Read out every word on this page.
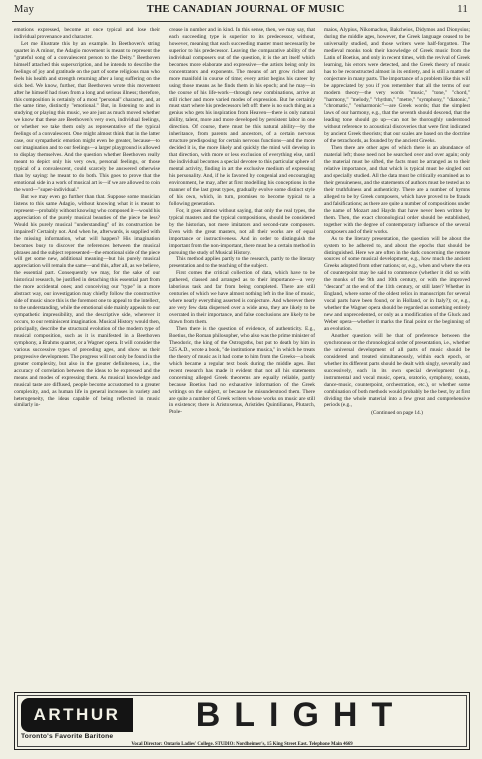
May	THE CANADIAN JOURNAL OF MUSIC	11

emotions expressed, become at once typical and lose their individual provenance and character.

Let me illustrate this by an example. In Beethoven's string quartet in A minor, the Adagio movement is meant to represent the "grateful song of a convalescent person to the Deity." Beethoven himself attached this superscription, and he intends to describe the feelings of joy and gratitude on the part of some religious man who feels his health and strength returning after a long suffering on the sick bed. We know, further, that Beethoven wrote this movement after he himself had risen from a long and serious illness; therefore, this composition is certainly of a most "personal" character, and, at the same time, distinctly "emotional." But, in listening to and in studying or playing this music, we are just as much moved whether we know that these are Beethoven's very own, individual feelings, or whether we take them only as representative of the typical feelings of a convalescent. One might almost think that in the latter case, our sympathetic emotion might even be greater, because—to our imagination and to our feelings—a larger playground is allowed to display themselves. And the question whether Beethoven really meant to depict only his very own, personal feelings, or those typical of a convalescent, could scarcely be answered otherwise than by saying: he meant to do both. This goes to prove that the emotional side in a work of musical art is—if we are allowed to coin the word—"super-individual."

But we may even go further than that. Suppose some musician listens to this same Adagio, without knowing what it is meant to represent—probably without knowing who composed it—would his appreciation of the purely musical beauties of the piece be less? Would his purely musical "understanding" of its construction be impaired? Certainly not. And when he, afterwards, is supplied with the missing information, what will happen? His imagination becomes busy to discover the references between the musical phrases and the subject represented—the emotional side of the piece will get some new, additional meaning—but his purely musical appreciation will remain the same—and this, after all, as we believe, the essential part. Consequently we may, for the sake of our historical research, be justified in detaching this essential part from the more accidental ones; and conceiving our "type" in a more abstract way, our investigation may chiefly follow the constructive side of music since this is the foremost one to appeal to the intellect, to the understanding, while the emotional side mainly appeals to our sympathetic impressibility, and the descriptive side, wherever it occurs, to our reminiscent imagination. Musical History would then, principally, describe the structural evolution of the modern type of musical composition, such as it is manifested in a Beethoven symphony, a Brahms quartet, or a Wagner opera. It will consider the various successive types of preceding ages, and show us their progressive development. The progress will not only be found in the greater complexity, but also in the greater definiteness, i.e., the accuracy of correlation between the ideas to be expressed and the means and modes of expressing them. As musical knowledge and musical taste are diffused, people become accustomed to a greater complexity, and, as human life in general increases in variety and heterogeneity, the ideas capable of being reflected in music similarly in-

crease in number and in kind. In this sense, then, we may say, that each succeeding type is superior to its predecessor, without, however, meaning that each succeeding master must necessarily be superior to his predecessor. Leaving the comparative ability of the individual composers out of the question, it is the art itself which becomes more elaborate and expressive—the artists being only its concentrators and exponents. The means of art grow richer and more manifold in course of time; every artist begins his career by using those means as he finds them in his epoch; and he may—in the course of his life-work—through new combinations, arrive at still richer and more varied modes of expression. But he certainly must start where his predecessors left off: there is no such thing as a genius who gets his inspiration from Heaven—there is only natural ability, talent, more and more developed by persistent labor in one direction. Of course, there must be this natural ability—by the inheritance, from parents and ancestors, of a certain nervous structure predisposing for certain nervous functions—and the more decided it is, the more likely and quickly the mind will develop in that direction, with more or less exclusion of everything else, until the individual becomes a special devotee to this particular sphere of mental activity, finding in art the exclusive medium of expressing his personality. And, if he is favored by congenial and encouraging environment, he may, after at first modelling his conceptions in the manner of the last great types, gradually evolve some distinct style of his own, which, in turn, promises to become typical to a following generation.

For, it goes almost without saying, that only the real types, the typical masters and the typical compositions, should be considered by the historian, not mere imitators and second-rate composers. Even with the great masters, not all their works are of equal importance or instructiveness. And in order to distinguish the important from the non-important, there must be a certain method in pursuing the study of Musical History.

This method applies partly to the research, partly to the literary presentation and to the teaching of the subject.

First comes the critical collection of data, which have to be gathered, classed and arranged as to their importance—a very laborious task and far from being completed. There are still centuries of which we have almost nothing left in the line of music, where nearly everything asserted is conjecture. And wherever there are very few data dispersed over a wide area, they are likely to be overrated in their importance, and false conclusions are likely to be drawn from them.

Then there is the question of evidence, of authenticity. E.g., Boetius, the Roman philosopher, who also was the prime minister of Theodoric, the king of the Ostrogoths, but put to death by him in 525 A.D., wrote a book, "de institutione musica," in which he treats the theory of music as it had come to him from the Greeks—a book which became a regular text book during the middle ages. But recent research has made it evident that not all his statements concerning alleged Greek theorems are equally reliable, partly because Boetius had no exhaustive information of the Greek writings on the subject, or because he misunderstood them. There are quite a number of Greek writers whose works on music are still in existence; there is Aristoxenus, Aristides Quintilianus, Plutarch, Ptole-

maios, Alypius, Nikomachus, Bakcheios, Didymos and Dionysius; during the middle ages, however, the Greek language ceased to be universally studied, and those writers were half-forgotten. The medieval monks took their knowledge of Greek music from the Latin of Boetius, and only in recent times, with the revival of Greek learning, his errors were detected, and the Greek theory of music has to be reconstructed almost in its entirety, and is still a matter of conjecture in many parts. The importance of a problem like this will be appreciated by you if you remember that all the terms of our modern theory—the very words "music," "tone," "chord," "harmony," "melody," "rhythm," "metre," "symphony," "diatonic," "chromatic," "enharmonic"—are Greek words; that the simplest laws of our harmony, e.g., that the seventh should descend, that the leading tone should go up—can not be thoroughly understood without reference to acoustical discoveries that were first indicated by ancient Greek theorists; that our scales are based on the doctrine of the tetrachords, as founded by the ancient Greeks.

Then there are other ages of which there is an abundance of material left; those need not be searched over and over again; only the material must be sifted, the facts must be arranged as to their relative importance, and that which is typical must be singled out and specially studied. All the data must be critically examined as to their genuineness, and the statements of authors must be tested as to their truthfulness and authenticity. There are a number of hymns alleged to be by Greek composers, which have proved to be frauds and falsifications; as there are quite a number of compositions under the name of Mozart and Haydn that have never been written by them. Then, the exact chronological order should be established, together with the degree of contemporary influence of the several composers and of their works.

As to the literary presentation, the question will be about the system to be adhered to, and about the epochs that should be distinguished. Here we are often in the dark concerning the remote sources of some musical development, e.g., how much the ancient Greeks adopted from other nations; or, e.g., when and where the era of counterpoint may be said to commence (whether it did so with the monks of the 9th and 10th century, or with the improved "descant" at the end of the 11th century, or still later? Whether in England, where some of the oldest relics in manuscripts for several vocal parts have been found, or in Holland, or in Italy?); or, e.g., whether the Wagner opera should be regarded as something entirely new and unprecedented, or only as a modification of the Gluck and Weber opera—whether it marks the final point or the beginning of an evolution.

Another question will be that of preference between the synchronous or the chronological order of presentation, i.e., whether the universal development of all parts of music should be considered and treated simultaneously, within each epoch, or whether its different parts should be dealt with singly, severally and successively, each in its own special development (e.g., instrumental and vocal music, opera, oratorio, symphony, sonata, dance-music, counterpoint, orchestration, etc.), or whether some combination of both methods would probably be the best, by at first dividing the whole material into a few great and comprehensive periods (e.g.,

(Continued on page 14.)

ARTHUR BLIGHT
Toronto's Favorite Baritone
Vocal Director: Ontario Ladies' College. STUDIO: Nordheimer's, 15 King Street East. Telephone Main 4669
